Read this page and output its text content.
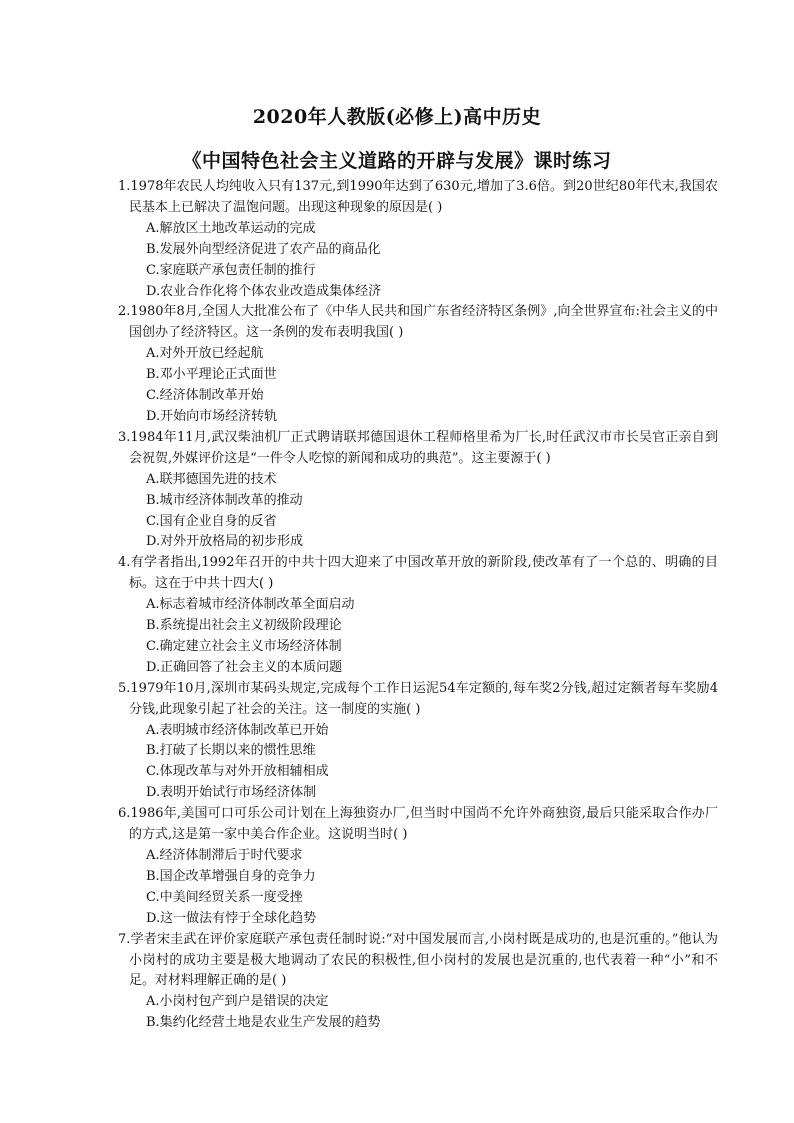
2020年人教版(必修上)高中历史
《中国特色社会主义道路的开辟与发展》课时练习

1.1978年农民人均纯收入只有137元,到1990年达到了630元,增加了3.6倍。到20世纪80年代末,我国农民基本上已解决了温饱问题。出现这种现象的原因是( )

A.解放区土地改革运动的完成
B.发展外向型经济促进了农产品的商品化
C.家庭联产承包责任制的推行
D.农业合作化将个体农业改造成集体经济

2.1980年8月,全国人大批准公布了《中华人民共和国广东省经济特区条例》,向全世界宣布:社会主义的中国创办了经济特区。这一条例的发布表明我国( )

A.对外开放已经起航
B.邓小平理论正式面世
C.经济体制改革开始
D.开始向市场经济转轨

3.1984年11月,武汉柴油机厂正式聘请联邦德国退休工程师格里希为厂长,时任武汉市市长吴官正亲自到会祝贺,外媒评价这是“一件令人吃惊的新闻和成功的典范”。这主要源于( )

A.联邦德国先进的技术
B.城市经济体制改革的推动
C.国有企业自身的反省
D.对外开放格局的初步形成

4.有学者指出,1992年召开的中共十四大迎来了中国改革开放的新阶段,使改革有了一个总的、明确的目标。这在于中共十四大( )

A.标志着城市经济体制改革全面启动
B.系统提出社会主义初级阶段理论
C.确定建立社会主义市场经济体制
D.正确回答了社会主义的本质问题

5.1979年10月,深圳市某码头规定,完成每个工作日运泥54车定额的,每车奖2分钱,超过定额者每车奖励4分钱,此现象引起了社会的关注。这一制度的实施( )

A.表明城市经济体制改革已开始
B.打破了长期以来的惯性思维
C.体现改革与对外开放相辅相成
D.表明开始试行市场经济体制

6.1986年,美国可口可乐公司计划在上海独资办厂,但当时中国尚不允许外商独资,最后只能采取合作办厂的方式,这是第一家中美合作企业。这说明当时( )

A.经济体制滞后于时代要求
B.国企改革增强自身的竞争力
C.中美间经贸关系一度受挫
D.这一做法有悖于全球化趋势

7.学者宋圭武在评价家庭联产承包责任制时说:“对中国发展而言,小岗村既是成功的,也是沉重的。”他认为小岗村的成功主要是极大地调动了农民的积极性,但小岗村的发展也是沉重的,也代表着一种“小”和不足。对材料理解正确的是( )

A.小岗村包产到户是错误的决定
B.集约化经营土地是农业生产发展的趋势
